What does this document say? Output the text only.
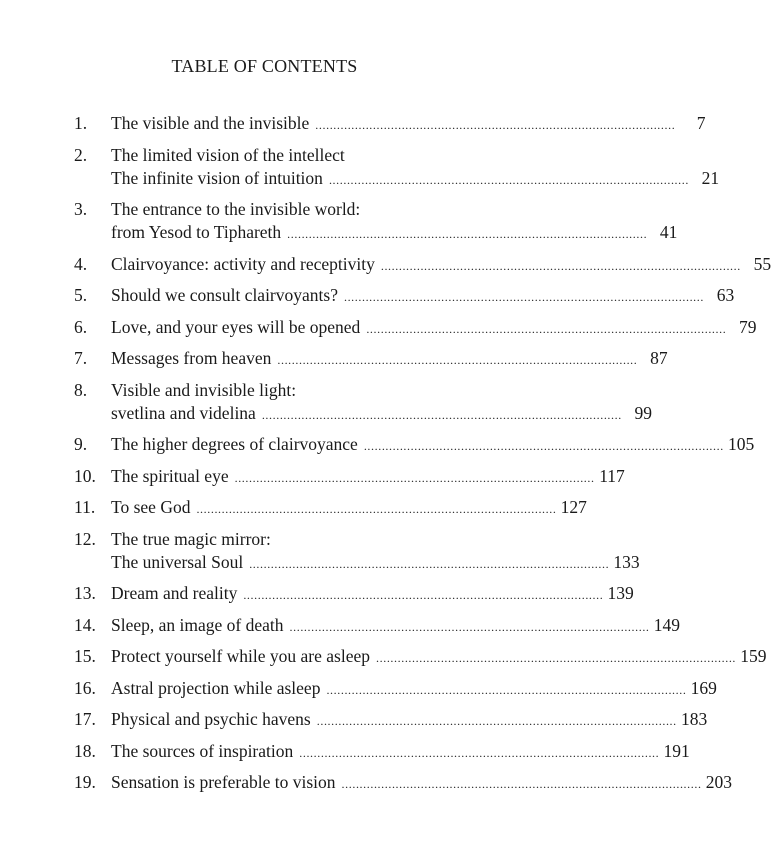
TABLE OF CONTENTS
1.	The visible and the invisible . . .	7
2.	The limited vision of the intellect
The infinite vision of intuition . . .	21
3.	The entrance to the invisible world:
from Yesod to Tiphareth . . .	41
4.	Clairvoyance: activity and receptivity . . .	55
5.	Should we consult clairvoyants? . . .	63
6.	Love, and your eyes will be opened . . .	79
7.	Messages from heaven . . .	87
8.	Visible and invisible light:
svetlina and videlina . . .	99
9.	The higher degrees of clairvoyance . . .	105
10. The spiritual eye . . .	117
11. To see God . . .	127
12. The true magic mirror:
The universal Soul . . .	133
13. Dream and reality . . .	139
14. Sleep, an image of death . . .	149
15. Protect yourself while you are asleep . . .	159
16. Astral projection while asleep . . .	169
17. Physical and psychic havens . . .	183
18. The sources of inspiration . . .	191
19. Sensation is preferable to vision . . .	203
